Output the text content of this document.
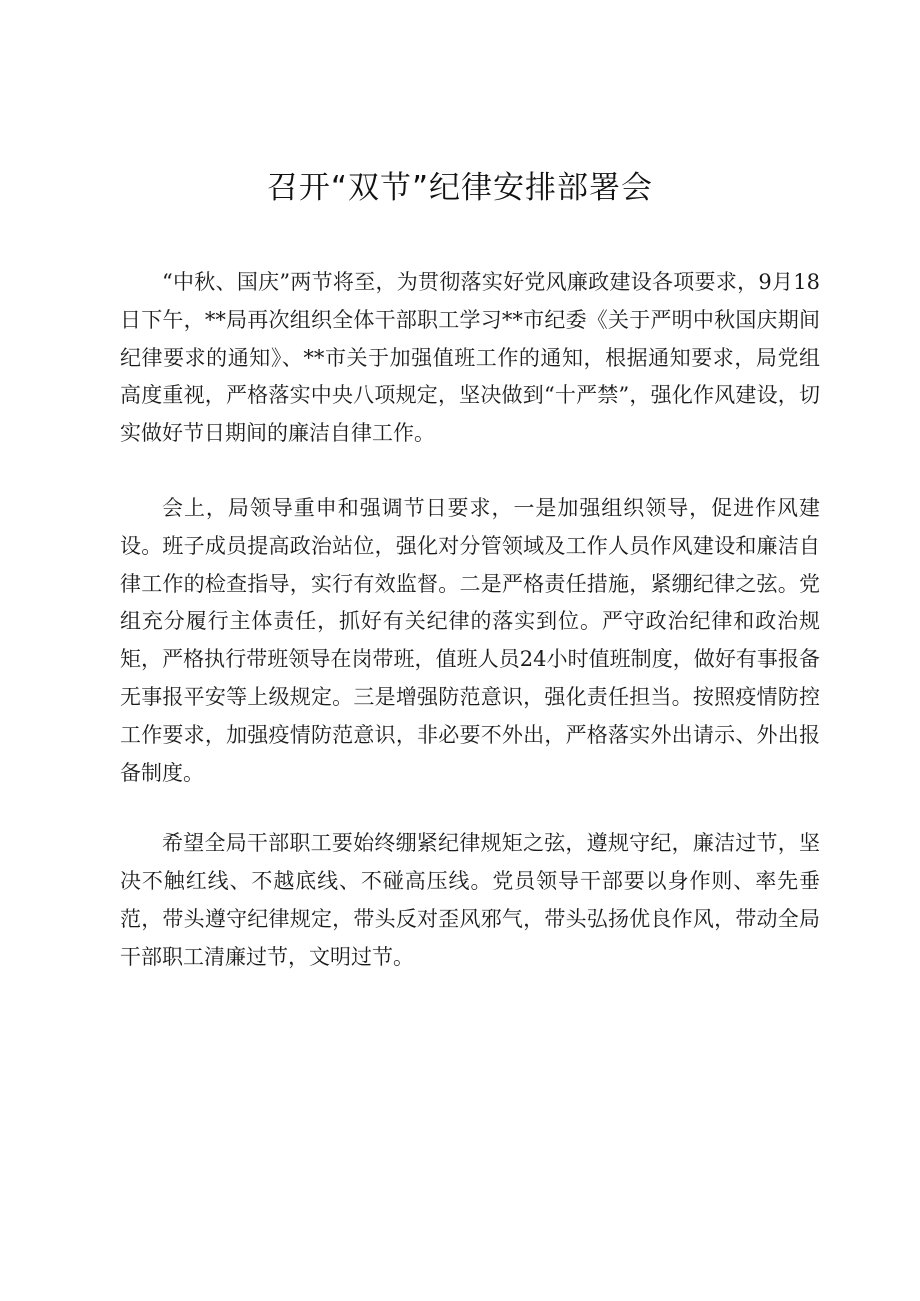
召开“双节”纪律安排部署会

“中秋、国庆”两节将至，为贯彻落实好党风廉政建设各项要求，9月18日下午，**局再次组织全体干部职工学习**市纪委《关于严明中秋国庆期间纪律要求的通知》、**市关于加强值班工作的通知，根据通知要求，局党组高度重视，严格落实中央八项规定，坚决做到“十严禁”，强化作风建设，切实做好节日期间的廉洁自律工作。

会上，局领导重申和强调节日要求，一是加强组织领导，促进作风建设。班子成员提高政治站位，强化对分管领域及工作人员作风建设和廉洁自律工作的检查指导，实行有效监督。二是严格责任措施，紧绷纪律之弦。党组充分履行主体责任，抓好有关纪律的落实到位。严守政治纪律和政治规矩，严格执行带班领导在岗带班，值班人员24小时值班制度，做好有事报备无事报平安等上级规定。三是增强防范意识，强化责任担当。按照疫情防控工作要求，加强疫情防范意识，非必要不外出，严格落实外出请示、外出报备制度。

希望全局干部职工要始终绷紧纪律规矩之弦，遵规守纪，廉洁过节，坚决不触红线、不越底线、不碰高压线。党员领导干部要以身作则、率先垂范，带头遵守纪律规定，带头反对歪风邪气，带头弘扬优良作风，带动全局干部职工清廉过节，文明过节。
